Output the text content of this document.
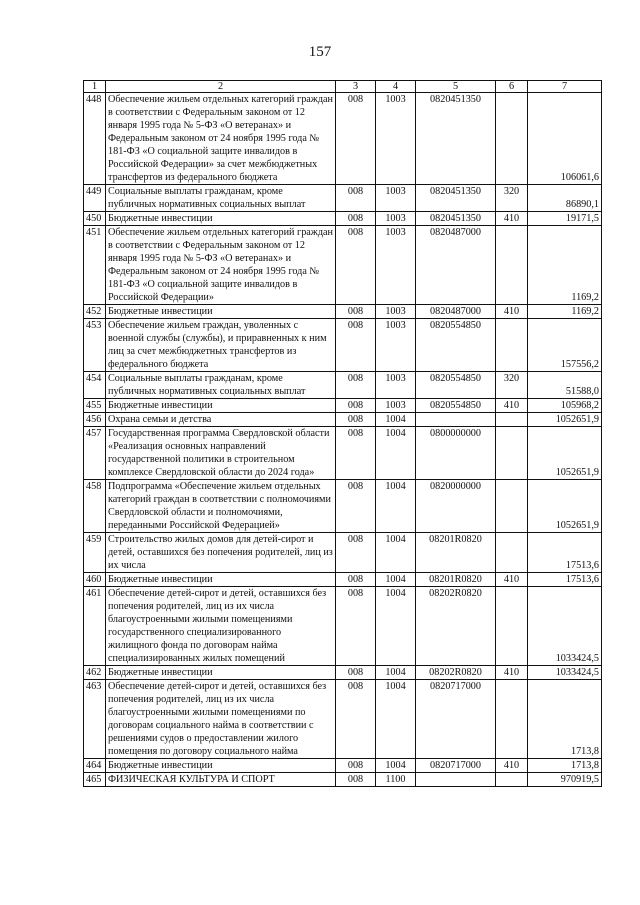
157
1	2	3	4	5	6	7
448	Обеспечение жильем отдельных категорий граждан в соответствии с Федеральным законом от 12 января 1995 года № 5-ФЗ «О ветеранах» и Федеральным законом от 24 ноября 1995 года № 181-ФЗ «О социальной защите инвалидов в Российской Федерации» за счет межбюджетных трансфертов из федерального бюджета	008	1003	0820451350		106061,6
449	Социальные выплаты гражданам, кроме публичных нормативных социальных выплат	008	1003	0820451350	320	86890,1
450	Бюджетные инвестиции	008	1003	0820451350	410	19171,5
451	Обеспечение жильем отдельных категорий граждан в соответствии с Федеральным законом от 12 января 1995 года № 5-ФЗ «О ветеранах» и Федеральным законом от 24 ноября 1995 года № 181-ФЗ «О социальной защите инвалидов в Российской Федерации»	008	1003	0820487000		1169,2
452	Бюджетные инвестиции	008	1003	0820487000	410	1169,2
453	Обеспечение жильем граждан, уволенных с военной службы (службы), и приравненных к ним лиц за счет межбюджетных трансфертов из федерального бюджета	008	1003	0820554850		157556,2
454	Социальные выплаты гражданам, кроме публичных нормативных социальных выплат	008	1003	0820554850	320	51588,0
455	Бюджетные инвестиции	008	1003	0820554850	410	105968,2
456	Охрана семьи и детства	008	1004			1052651,9
457	Государственная программа Свердловской области «Реализация основных направлений государственной политики в строительном комплексе Свердловской области до 2024 года»	008	1004	0800000000		1052651,9
458	Подпрограмма «Обеспечение жильем отдельных категорий граждан в соответствии с полномочиями Свердловской области и полномочиями, переданными Российской Федерацией»	008	1004	0820000000		1052651,9
459	Строительство жилых домов для детей-сирот и детей, оставшихся без попечения родителей, лиц из их числа	008	1004	08201R0820		17513,6
460	Бюджетные инвестиции	008	1004	08201R0820	410	17513,6
461	Обеспечение детей-сирот и детей, оставшихся без попечения родителей, лиц из их числа благоустроенными жилыми помещениями государственного специализированного жилищного фонда по договорам найма специализированных жилых помещений	008	1004	08202R0820		1033424,5
462	Бюджетные инвестиции	008	1004	08202R0820	410	1033424,5
463	Обеспечение детей-сирот и детей, оставшихся без попечения родителей, лиц из их числа благоустроенными жилыми помещениями по договорам социального найма в соответствии с решениями судов о предоставлении жилого помещения по договору социального найма	008	1004	0820717000		1713,8
464	Бюджетные инвестиции	008	1004	0820717000	410	1713,8
465	ФИЗИЧЕСКАЯ КУЛЬТУРА И СПОРТ	008	1100			970919,5
